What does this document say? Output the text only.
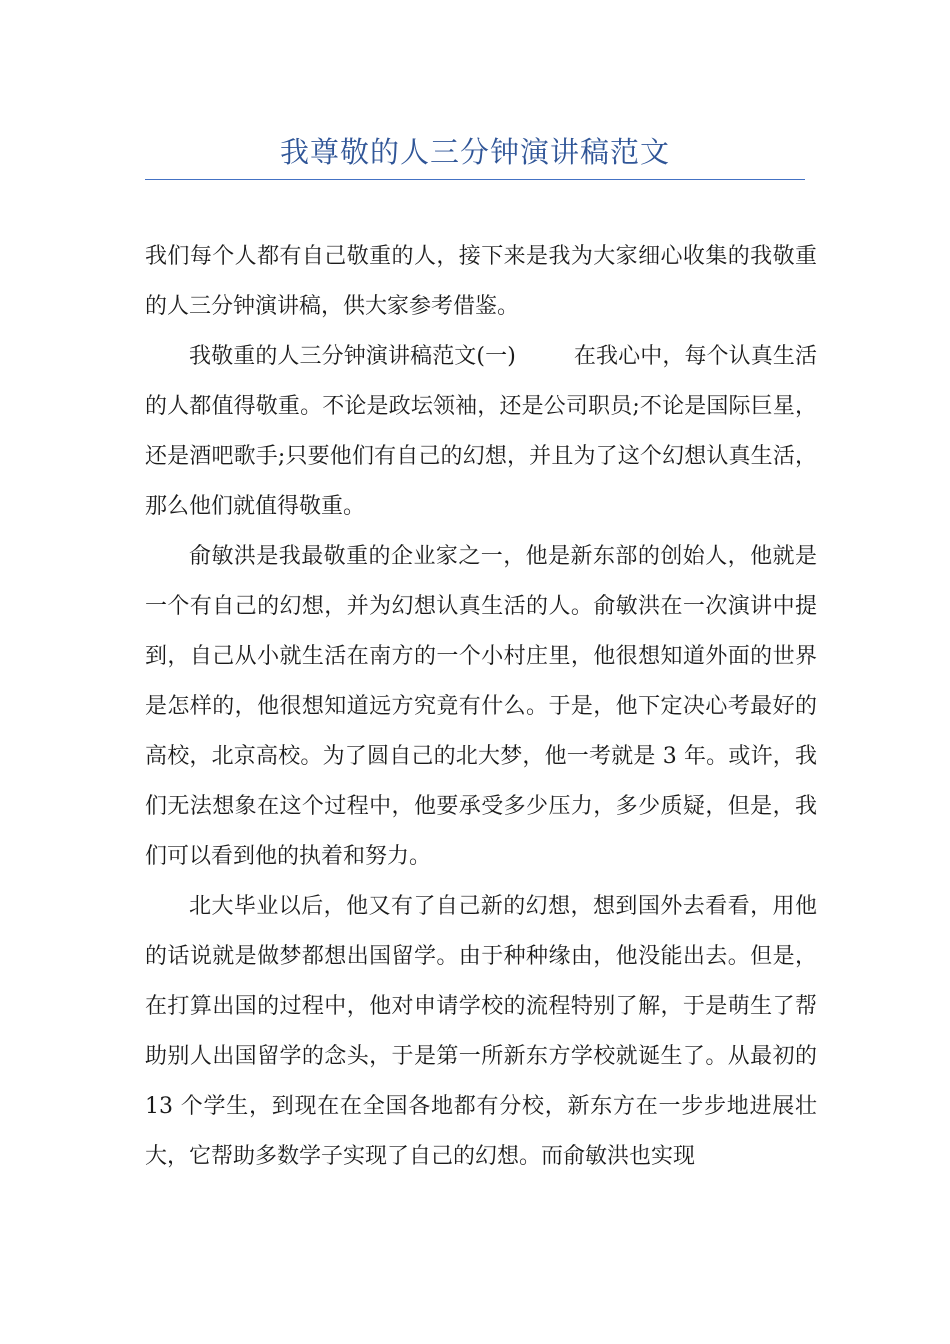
我尊敬的人三分钟演讲稿范文

我们每个人都有自己敬重的人，接下来是我为大家细心收集的我敬重的人三分钟演讲稿，供大家参考借鉴。

我敬重的人三分钟演讲稿范文(一)	在我心中，每个认真生活的人都值得敬重。不论是政坛领袖，还是公司职员;不论是国际巨星，还是酒吧歌手;只要他们有自己的幻想，并且为了这个幻想认真生活，那么他们就值得敬重。

俞敏洪是我最敬重的企业家之一，他是新东部的创始人，他就是一个有自己的幻想，并为幻想认真生活的人。俞敏洪在一次演讲中提到，自己从小就生活在南方的一个小村庄里，他很想知道外面的世界是怎样的，他很想知道远方究竟有什么。于是，他下定决心考最好的高校，北京高校。为了圆自己的北大梦，他一考就是 3 年。或许，我们无法想象在这个过程中，他要承受多少压力，多少质疑，但是，我们可以看到他的执着和努力。

北大毕业以后，他又有了自己新的幻想，想到国外去看看，用他的话说就是做梦都想出国留学。由于种种缘由，他没能出去。但是，在打算出国的过程中，他对申请学校的流程特别了解，于是萌生了帮助别人出国留学的念头，于是第一所新东方学校就诞生了。从最初的 13 个学生，到现在在全国各地都有分校，新东方在一步步地进展壮大，它帮助多数学子实现了自己的幻想。而俞敏洪也实现
